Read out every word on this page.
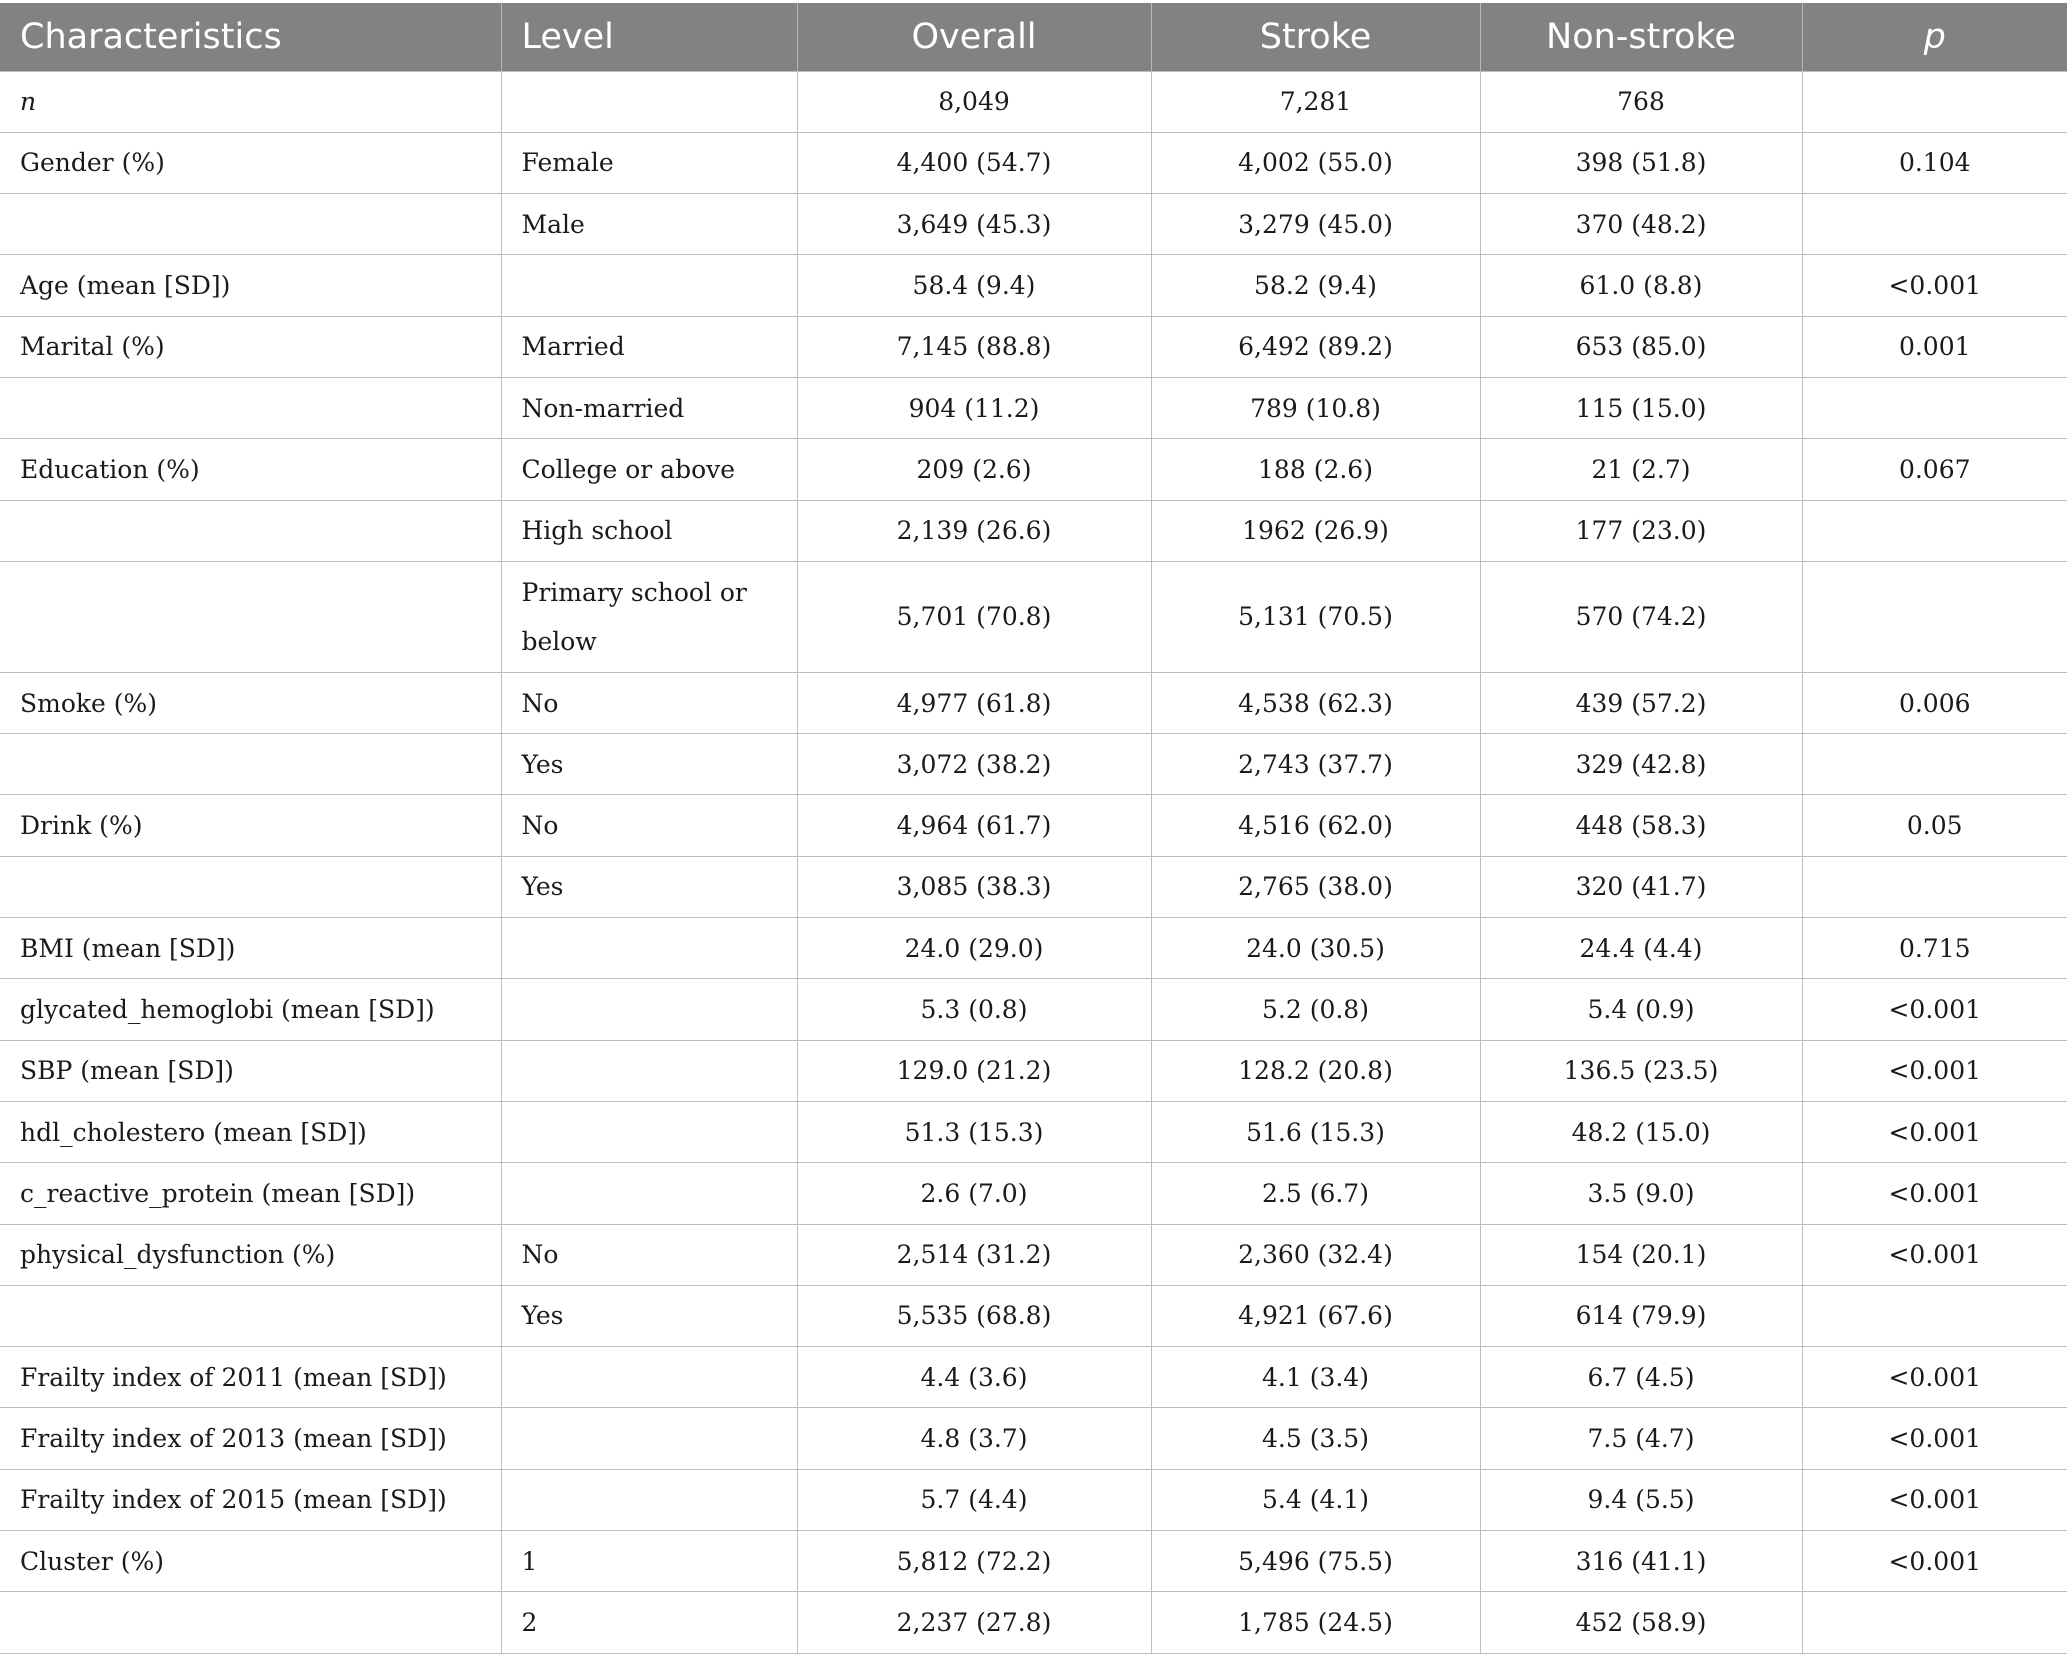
Characteristics	Level	Overall	Stroke	Non-stroke	p
n		8,049	7,281	768	
Gender (%)	Female	4,400 (54.7)	4,002 (55.0)	398 (51.8)	0.104
	Male	3,649 (45.3)	3,279 (45.0)	370 (48.2)	
Age (mean [SD])		58.4 (9.4)	58.2 (9.4)	61.0 (8.8)	<0.001
Marital (%)	Married	7,145 (88.8)	6,492 (89.2)	653 (85.0)	0.001
	Non-married	904 (11.2)	789 (10.8)	115 (15.0)	
Education (%)	College or above	209 (2.6)	188 (2.6)	21 (2.7)	0.067
	High school	2,139 (26.6)	1962 (26.9)	177 (23.0)	
	Primary school or below	5,701 (70.8)	5,131 (70.5)	570 (74.2)	
Smoke (%)	No	4,977 (61.8)	4,538 (62.3)	439 (57.2)	0.006
	Yes	3,072 (38.2)	2,743 (37.7)	329 (42.8)	
Drink (%)	No	4,964 (61.7)	4,516 (62.0)	448 (58.3)	0.05
	Yes	3,085 (38.3)	2,765 (38.0)	320 (41.7)	
BMI (mean [SD])		24.0 (29.0)	24.0 (30.5)	24.4 (4.4)	0.715
glycated_hemoglobi (mean [SD])		5.3 (0.8)	5.2 (0.8)	5.4 (0.9)	<0.001
SBP (mean [SD])		129.0 (21.2)	128.2 (20.8)	136.5 (23.5)	<0.001
hdl_cholestero (mean [SD])		51.3 (15.3)	51.6 (15.3)	48.2 (15.0)	<0.001
c_reactive_protein (mean [SD])		2.6 (7.0)	2.5 (6.7)	3.5 (9.0)	<0.001
physical_dysfunction (%)	No	2,514 (31.2)	2,360 (32.4)	154 (20.1)	<0.001
	Yes	5,535 (68.8)	4,921 (67.6)	614 (79.9)	
Frailty index of 2011 (mean [SD])		4.4 (3.6)	4.1 (3.4)	6.7 (4.5)	<0.001
Frailty index of 2013 (mean [SD])		4.8 (3.7)	4.5 (3.5)	7.5 (4.7)	<0.001
Frailty index of 2015 (mean [SD])		5.7 (4.4)	5.4 (4.1)	9.4 (5.5)	<0.001
Cluster (%)	1	5,812 (72.2)	5,496 (75.5)	316 (41.1)	<0.001
	2	2,237 (27.8)	1,785 (24.5)	452 (58.9)	
